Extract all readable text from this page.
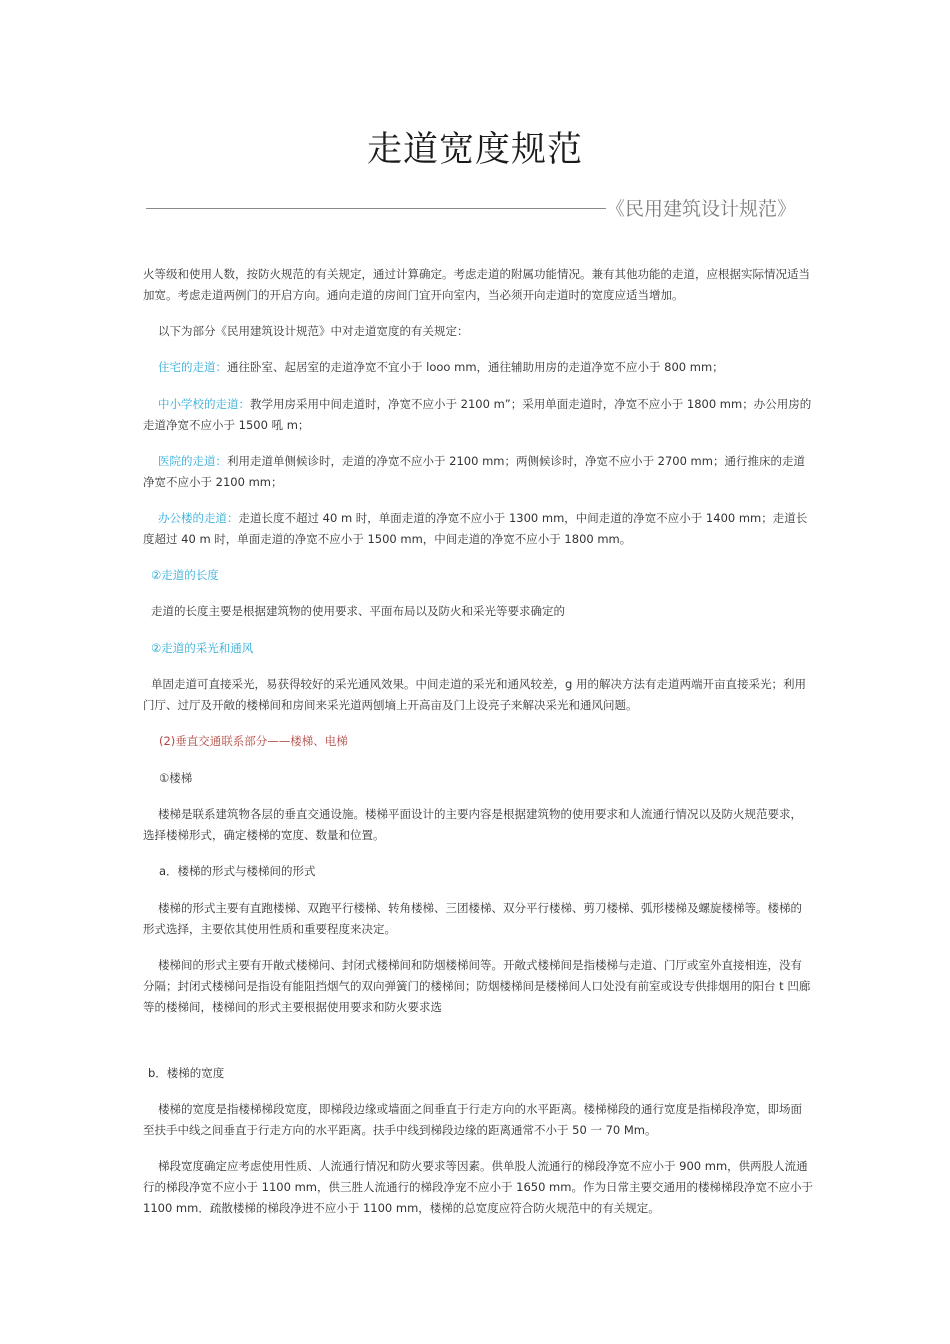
走道宽度规范
《民用建筑设计规范》
火等级和使用人数，按防火规范的有关规定，通过计算确定。考虑走道的附属功能情况。兼有其他功能的走道，应根据实际情况适当加宽。考虑走道两例门的开启方向。通向走道的房间门宜开向室内，当必须开向走道时的宽度应适当增加。
以下为部分《民用建筑设计规范》中对走道宽度的有关规定：
住宅的走道：通往卧室、起居室的走道净宽不宜小于 looo mm，通往辅助用房的走道净宽不应小于 800 mm；
中小学校的走道：教学用房采用中间走道时，净宽不应小于 2100 m”；采用单面走道时，净宽不应小于 1800 mm；办公用房的走道净宽不应小于 1500 吼 m；
医院的走道：利用走道单侧候诊时，走道的净宽不应小于 2100 mm；两侧候诊时，净宽不应小于 2700 mm；通行推床的走道净宽不应小于 2100 mm；
办公楼的走道：走道长度不超过 40 m 时，单面走道的净宽不应小于 1300 mm，中间走道的净宽不应小于 1400 mm；走道长度超过 40 m 时，单面走道的净宽不应小于 1500 mm，中间走道的净宽不应小于 1800 mm。
②走道的长度
走道的长度主要是根据建筑物的使用要求、平面布局以及防火和采光等要求确定的
②走道的采光和通风
单固走道可直接采光，易获得较好的采光通风效果。中间走道的采光和通风较差，g 用的解决方法有走道两端开亩直接采光；利用门厅、过厅及开敞的楼梯间和房间来采光道两刨墒上开高亩及门上设亮子来解决采光和通风问题。
(2)垂直交通联系部分——楼梯、电梯
①楼梯
楼梯是联系建筑物各层的垂直交通设施。楼梯平面设计的主要内容是根据建筑物的使用要求和人流通行情况以及防火规范要求，选择楼梯形式，确定楼梯的宽度、数量和位置。
a．楼梯的形式与楼梯间的形式
楼梯的形式主要有直跑楼梯、双跑平行楼梯、转角楼梯、三团楼梯、双分平行楼梯、剪刀楼梯、弧形楼梯及螺旋楼梯等。楼梯的形式选择，主要依其使用性质和重要程度来决定。
楼梯间的形式主要有开敞式楼梯问、封闭式楼梯间和防烟楼梯间等。开敞式楼梯间是指楼梯与走道、门厅或室外直接相连，没有分隔；封闭式楼梯问是指设有能阻挡烟气的双向弹簧门的楼梯间；防烟楼梯间是楼梯间人口处没有前室或设专供排烟用的阳台 t 凹廊等的楼梯间，楼梯间的形式主要根据使用要求和防火要求选
b．楼梯的宽度
楼梯的宽度是指楼梯梯段宽度，即梯段边缘或墙面之间垂直于行走方向的水平距离。楼梯梯段的通行宽度是指梯段净宽，即场面至扶手中线之间垂直于行走方向的水平距离。扶手中线到梯段边缘的距离通常不小于 50 一 70 Mm。
梯段宽度确定应考虑使用性质、人流通行情况和防火要求等因素。供单股人流通行的梯段净宽不应小于 900 mm，供两股人流通行的梯段净宽不应小于 1100 mm，供三胜人流通行的梯段净宠不应小于 1650 mm。作为日常主要交通用的楼梯梯段净宽不应小于 1100 mm．疏散楼梯的梯段净进不应小于 1100 mm，楼梯的总宽度应符合防火规范中的有关规定。
